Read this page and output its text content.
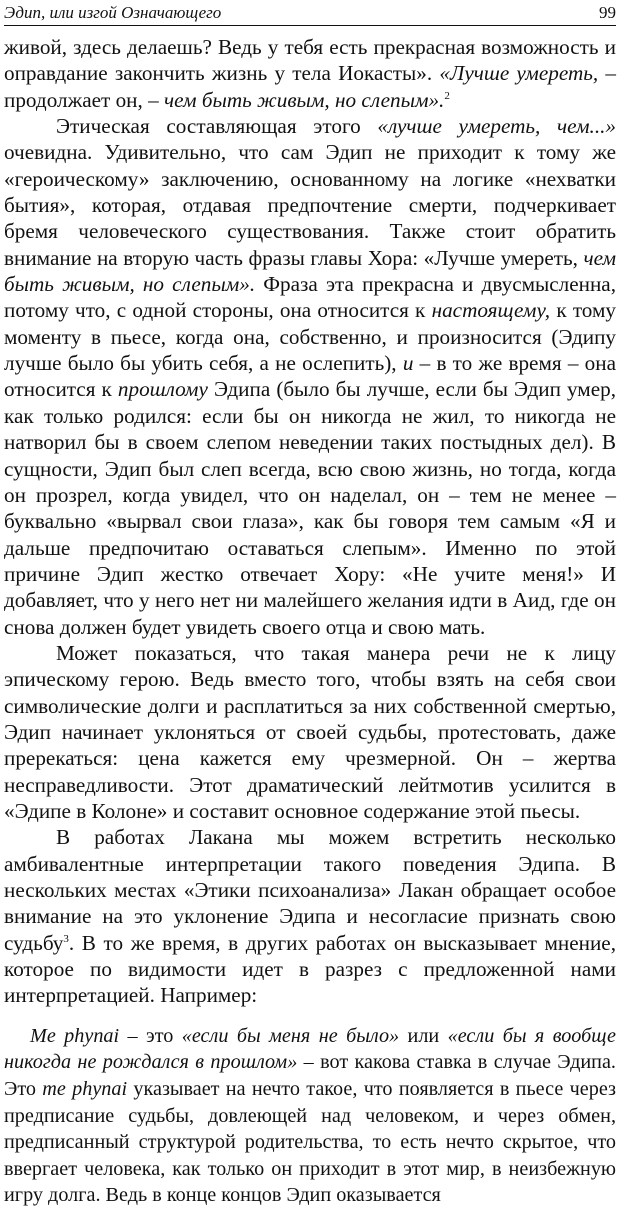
Эдип, или изгой Означающего	99

живой, здесь делаешь? Ведь у тебя есть прекрасная возможность и оправдание закончить жизнь у тела Иокасты». «Лучше умереть, – продолжает он, – чем быть живым, но слепым».$^2$

Этическая составляющая этого «лучше умереть, чем...» очевидна. Удивительно, что сам Эдип не приходит к тому же «героическому» заключению, основанному на логике «нехватки бытия», которая, отдавая предпочтение смерти, подчеркивает бремя человеческого существования. Также стоит обратить внимание на вторую часть фразы главы Хора: «Лучше умереть, чем быть живым, но слепым». Фраза эта прекрасна и двусмысленна, потому что, с одной стороны, она относится к настоящему, к тому моменту в пьесе, когда она, собственно, и произносится (Эдипу лучше было бы убить себя, а не ослепить), и – в то же время – она относится к прошлому Эдипа (было бы лучше, если бы Эдип умер, как только родился: если бы он никогда не жил, то никогда не натворил бы в своем слепом неведении таких постыдных дел). В сущности, Эдип был слеп всегда, всю свою жизнь, но тогда, когда он прозрел, когда увидел, что он наделал, он – тем не менее – буквально «вырвал свои глаза», как бы говоря тем самым «Я и дальше предпочитаю оставаться слепым». Именно по этой причине Эдип жестко отвечает Хору: «Не учите меня!» И добавляет, что у него нет ни малейшего желания идти в Аид, где он снова должен будет увидеть своего отца и свою мать.

Может показаться, что такая манера речи не к лицу эпическому герою. Ведь вместо того, чтобы взять на себя свои символические долги и расплатиться за них собственной смертью, Эдип начинает уклоняться от своей судьбы, протестовать, даже пререкаться: цена кажется ему чрезмерной. Он – жертва несправедливости. Этот драматический лейтмотив усилится в «Эдипе в Колоне» и составит основное содержание этой пьесы.

В работах Лакана мы можем встретить несколько амбивалентные интерпретации такого поведения Эдипа. В нескольких местах «Этики психоанализа» Лакан обращает особое внимание на это уклонение Эдипа и несогласие признать свою судьбу$^3$. В то же время, в других работах он высказывает мнение, которое по видимости идет в разрез с предложенной нами интерпретацией. Например:

Me phynai – это «если бы меня не было» или «если бы я вообще никогда не рождался в прошлом» – вот какова ставка в случае Эдипа. Это me phynai указывает на нечто такое, что появляется в пьесе через предписание судьбы, довлеющей над человеком, и через обмен, предписанный структурой родительства, то есть нечто скрытое, что ввергает человека, как только он приходит в этот мир, в неизбежную игру долга. Ведь в конце концов Эдип оказывается
